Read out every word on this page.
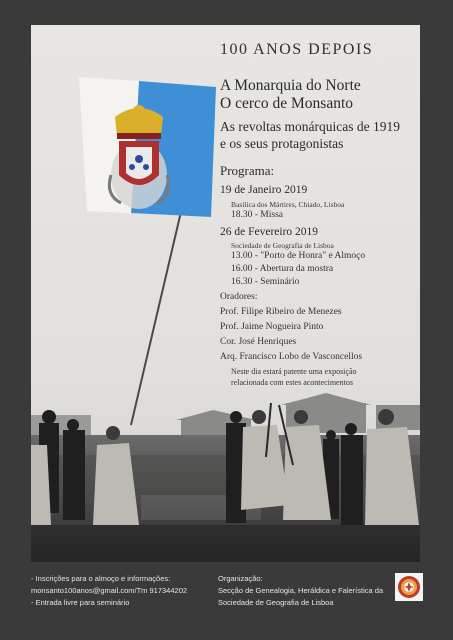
100 ANOS DEPOIS

A Monarquia do Norte

O cerco de Monsanto

As revoltas monárquicas de 1919

e os seus protagonistas

Programa:

19 de Janeiro 2019

Basílica dos Mártires, Chiado, Lisboa

18.30 - Missa

26 de Fevereiro 2019

Sociedade de Geografia de Lisboa

13.00 - "Porto de Honra" e Almoço

16.00 - Abertura da mostra

16.30 - Seminário

Oradores:

Prof. Filipe Ribeiro de Menezes

Prof. Jaime Nogueira Pinto

Cor. José Henriques

Arq. Francisco Lobo de Vasconcellos

Neste dia estará patente uma exposição

relacionada com estes acontecimentos

- Inscrições para o almoço e informações:
monsanto100anos@gmail.com/Tm 917344202
- Entrada livre para seminário
Organização:
Secção de Genealogia, Heráldica e Falerística da
Sociedade de Geografia de Lisboa
